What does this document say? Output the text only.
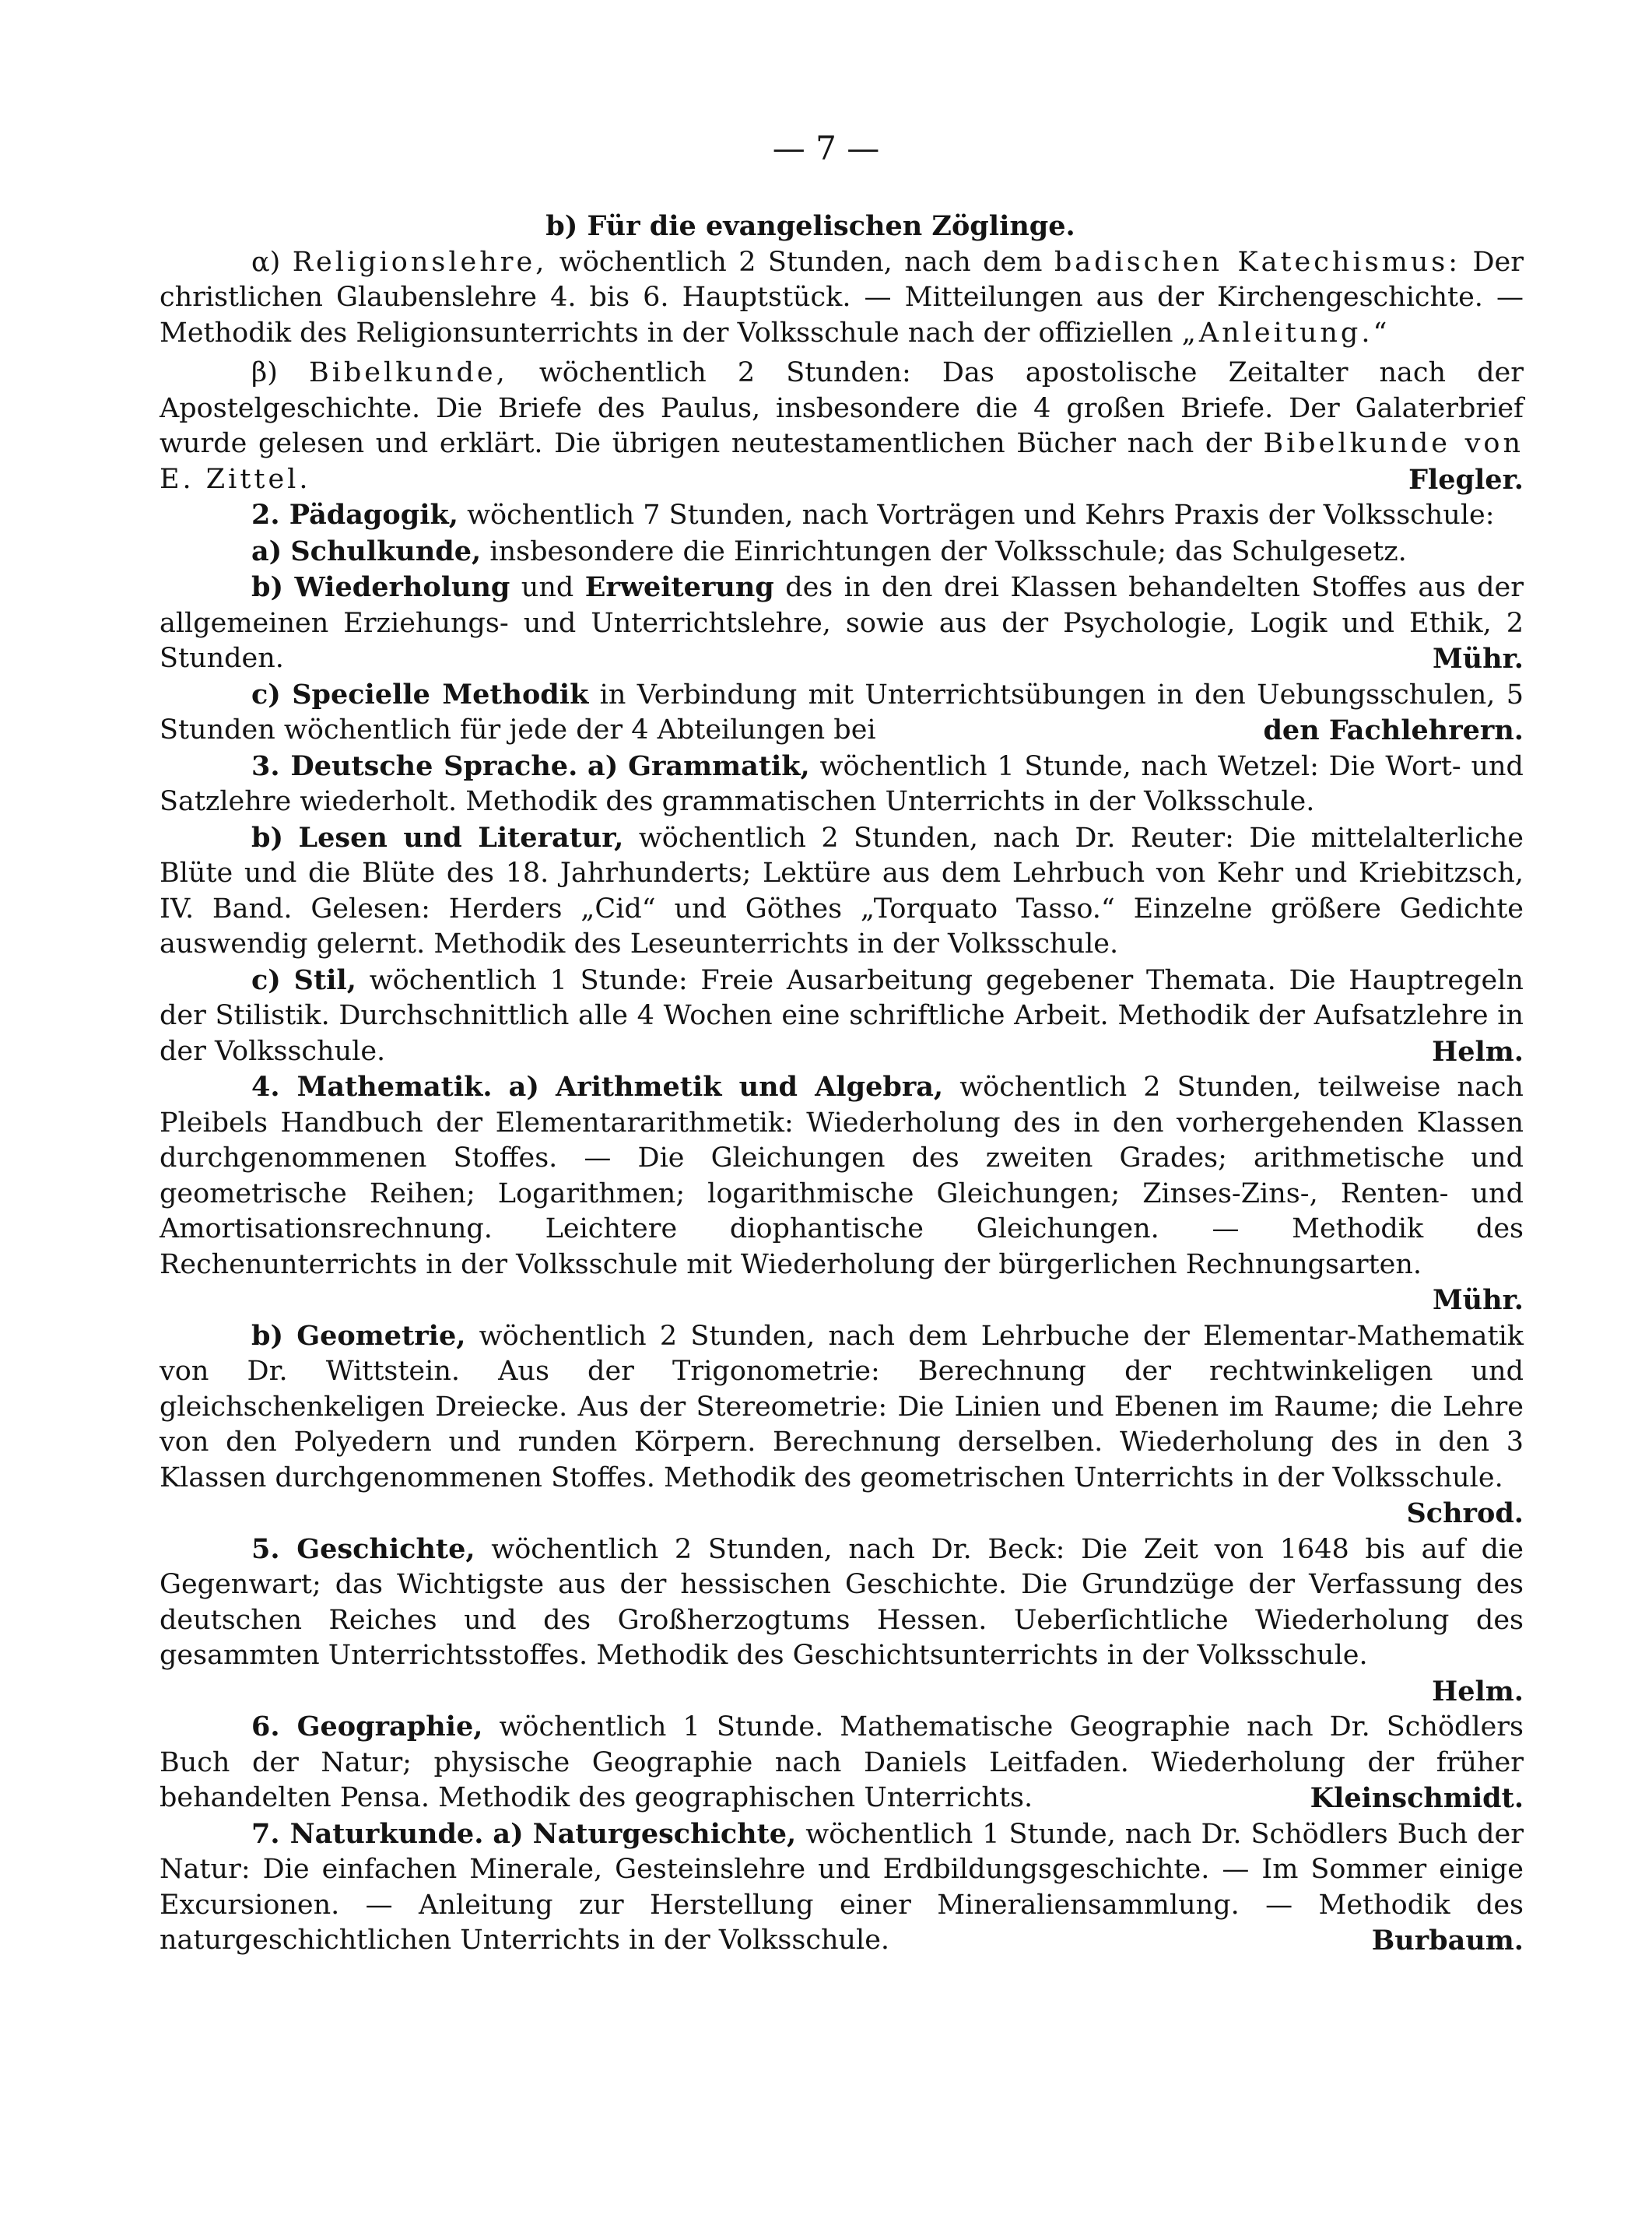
— 7 —

b) Für die evangelischen Zöglinge.

α) Religionslehre, wöchentlich 2 Stunden, nach dem badischen Katechismus: Der christlichen Glaubenslehre 4. bis 6. Hauptstück. — Mitteilungen aus der Kirchengeschichte. — Methodik des Religionsunterrichts in der Volksschule nach der offiziellen „Anleitung.“

β) Bibelkunde, wöchentlich 2 Stunden: Das apostolische Zeitalter nach der Apostelgeschichte. Die Briefe des Paulus, insbesondere die 4 großen Briefe. Der Galaterbrief wurde gelesen und erklärt. Die übrigen neutestamentlichen Bücher nach der Bibelkunde von E. Zittel.	Flegler.

2. Pädagogik, wöchentlich 7 Stunden, nach Vorträgen und Kehrs Praxis der Volksschule:

a) Schulkunde, insbesondere die Einrichtungen der Volksschule; das Schulgesetz.

b) Wiederholung und Erweiterung des in den drei Klassen behandelten Stoffes aus der allgemeinen Erziehungs- und Unterrichtslehre, sowie aus der Psychologie, Logik und Ethik, 2 Stunden.	Mühr.

c) Specielle Methodik in Verbindung mit Unterrichtsübungen in den Uebungsschulen, 5 Stunden wöchentlich für jede der 4 Abteilungen bei	den Fachlehrern.

3. Deutsche Sprache. a) Grammatik, wöchentlich 1 Stunde, nach Wetzel: Die Wort- und Satzlehre wiederholt. Methodik des grammatischen Unterrichts in der Volksschule.

b) Lesen und Literatur, wöchentlich 2 Stunden, nach Dr. Reuter: Die mittelalterliche Blüte und die Blüte des 18. Jahrhunderts; Lektüre aus dem Lehrbuch von Kehr und Kriebitzsch, IV. Band. Gelesen: Herders „Cid“ und Göthes „Torquato Tasso.“ Einzelne größere Gedichte auswendig gelernt. Methodik des Leseunterrichts in der Volksschule.

c) Stil, wöchentlich 1 Stunde: Freie Ausarbeitung gegebener Themata. Die Hauptregeln der Stilistik. Durchschnittlich alle 4 Wochen eine schriftliche Arbeit. Methodik der Aufsatzlehre in der Volksschule.	Helm.

4. Mathematik. a) Arithmetik und Algebra, wöchentlich 2 Stunden, teilweise nach Pleibels Handbuch der Elementararithmetik: Wiederholung des in den vorhergehenden Klassen durchgenommenen Stoffes. — Die Gleichungen des zweiten Grades; arithmetische und geometrische Reihen; Logarithmen; logarithmische Gleichungen; Zinses-Zins-, Renten- und Amortisationsrechnung. Leichtere diophantische Gleichungen. — Methodik des Rechenunterrichts in der Volksschule mit Wiederholung der bürgerlichen Rechnungsarten.
Mühr.

b) Geometrie, wöchentlich 2 Stunden, nach dem Lehrbuche der Elementar-Mathematik von Dr. Wittstein. Aus der Trigonometrie: Berechnung der rechtwinkeligen und gleichschenkeligen Dreiecke. Aus der Stereometrie: Die Linien und Ebenen im Raume; die Lehre von den Polyedern und runden Körpern. Berechnung derselben. Wiederholung des in den 3 Klassen durchgenommenen Stoffes. Methodik des geometrischen Unterrichts in der Volksschule.
Schrod.

5. Geschichte, wöchentlich 2 Stunden, nach Dr. Beck: Die Zeit von 1648 bis auf die Gegenwart; das Wichtigste aus der hessischen Geschichte. Die Grundzüge der Verfassung des deutschen Reiches und des Großherzogtums Hessen. Ueberſichtliche Wiederholung des gesammten Unterrichtsstoffes. Methodik des Geschichtsunterrichts in der Volksschule.
Helm.

6. Geographie, wöchentlich 1 Stunde. Mathematische Geographie nach Dr. Schödlers Buch der Natur; physische Geographie nach Daniels Leitfaden. Wiederholung der früher behandelten Pensa. Methodik des geographischen Unterrichts.	Kleinschmidt.

7. Naturkunde. a) Naturgeschichte, wöchentlich 1 Stunde, nach Dr. Schödlers Buch der Natur: Die einfachen Minerale, Gesteinslehre und Erdbildungsgeschichte. — Im Sommer einige Excursionen. — Anleitung zur Herstellung einer Mineraliensammlung. — Methodik des naturgeschichtlichen Unterrichts in der Volksschule.	Burbaum.
